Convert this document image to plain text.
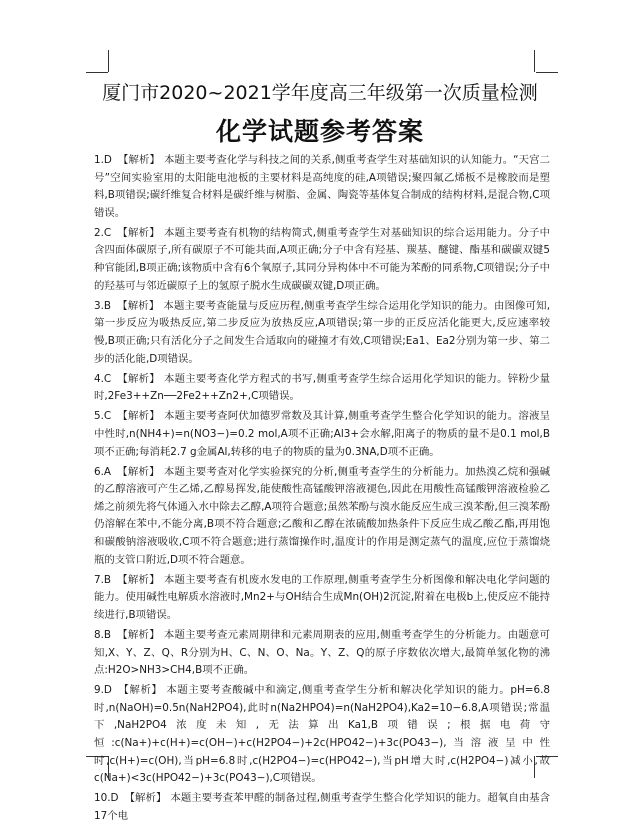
厦门市2020~2021学年度高三年级第一次质量检测
化学试题参考答案
1.D 【解析】 本题主要考查化学与科技之间的关系,侧重考查学生对基础知识的认知能力。“天宫二号”空间实验室用的太阳能电池板的主要材料是高纯度的硅,A项错误;聚四氟乙烯板不是橡胶而是塑料,B项错误;碳纤维复合材料是碳纤维与树脂、金属、陶瓷等基体复合制成的结构材料,是混合物,C项错误。
2.C 【解析】 本题主要考查有机物的结构简式,侧重考查学生对基础知识的综合运用能力。分子中含四面体碳原子,所有碳原子不可能共面,A项正确;分子中含有羟基、羰基、醚键、酯基和碳碳双键5种官能团,B项正确;该物质中含有6个氧原子,其同分异构体中不可能为苯酚的同系物,C项错误;分子中的羟基可与邻近碳原子上的氢原子脱水生成碳碳双键,D项正确。
3.B 【解析】 本题主要考查能量与反应历程,侧重考查学生综合运用化学知识的能力。由图像可知,第一步反应为吸热反应,第二步反应为放热反应,A项错误;第一步的正反应活化能更大,反应速率较慢,B项正确;只有活化分子之间发生合适取向的碰撞才有效,C项错误;Ea1、Ea2分别为第一步、第二步的活化能,D项错误。
4.C 【解析】 本题主要考查化学方程式的书写,侧重考查学生综合运用化学知识的能力。锌粉少量时,2Fe3++Zn──2Fe2++Zn2+,C项错误。
5.C 【解析】 本题主要考查阿伏加德罗常数及其计算,侧重考查学生整合化学知识的能力。溶液呈中性时,n(NH4+)=n(NO3−)=0.2 mol,A项不正确;Al3+会水解,阳离子的物质的量不是0.1 mol,B项不正确;每消耗2.7 g金属Al,转移的电子的物质的量为0.3NA,D项不正确。
6.A 【解析】 本题主要考查对化学实验探究的分析,侧重考查学生的分析能力。加热溴乙烷和强碱的乙醇溶液可产生乙烯,乙醇易挥发,能使酸性高锰酸钾溶液褪色,因此在用酸性高锰酸钾溶液检验乙烯之前须先将气体通入水中除去乙醇,A项符合题意;虽然苯酚与溴水能反应生成三溴苯酚,但三溴苯酚仍溶解在苯中,不能分离,B项不符合题意;乙酸和乙醇在浓硫酸加热条件下反应生成乙酸乙酯,再用饱和碳酸钠溶液吸收,C项不符合题意;进行蒸馏操作时,温度计的作用是测定蒸气的温度,应位于蒸馏烧瓶的支管口附近,D项不符合题意。
7.B 【解析】 本题主要考查有机废水发电的工作原理,侧重考查学生分析图像和解决电化学问题的能力。使用碱性电解质水溶液时,Mn2+与OH结合生成Mn(OH)2沉淀,附着在电极b上,使反应不能持续进行,B项错误。
8.B 【解析】 本题主要考查元素周期律和元素周期表的应用,侧重考查学生的分析能力。由题意可知,X、Y、Z、Q、R分别为H、C、N、O、Na。Y、Z、Q的原子序数依次增大,最简单氢化物的沸点:H2O>NH3>CH4,B项不正确。
9.D 【解析】 本题主要考查酸碱中和滴定,侧重考查学生分析和解决化学知识的能力。pH=6.8时,n(NaOH)=0.5n(NaH2PO4),此时n(Na2HPO4)=n(NaH2PO4),Ka2=10−6.8,A项错误;常温下,NaH2PO4浓度未知,无法算出Ka1,B项错误;根据电荷守恒:c(Na+)+c(H+)=c(OH−)+c(H2PO4−)+2c(HPO42−)+3c(PO43−),当溶液呈中性时,c(H+)=c(OH),当pH=6.8时,c(H2PO4−)=c(HPO42−),当pH增大时,c(H2PO4−)减小,故c(Na+)<3c(HPO42−)+3c(PO43−),C项错误。
10.D 【解析】 本题主要考查苯甲醛的制备过程,侧重考查学生整合化学知识的能力。超氧自由基含17个电
